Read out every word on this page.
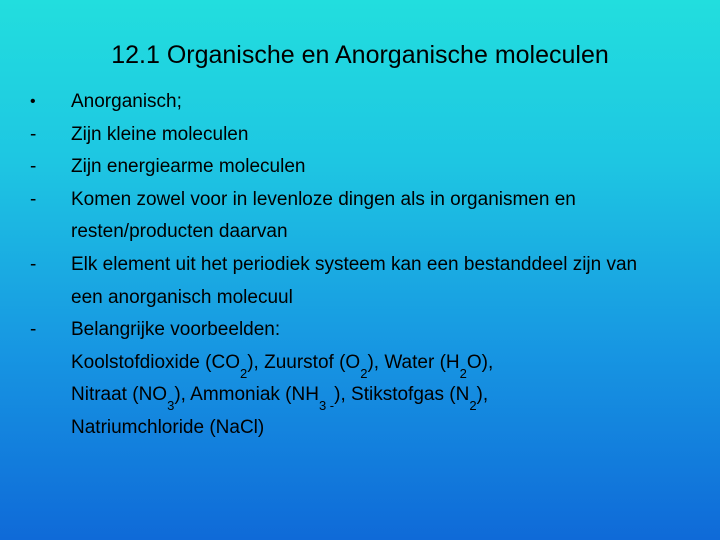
12.1 Organische en Anorganische moleculen
•	Anorganisch;
-	Zijn kleine moleculen
-	Zijn energiearme moleculen
-	Komen zowel voor in levenloze dingen als in organismen en resten/producten daarvan
-	Elk element uit het periodiek systeem kan een bestanddeel zijn van een anorganisch molecuul
-	Belangrijke voorbeelden:
Koolstofdioxide $(CO_2)$, Zuurstof $(O_2)$, Water $(H_2O)$,
Nitraat $(NO_3)$, Ammoniak $(NH_{3 -})$, Stikstofgas $(N_2)$,
Natriumchloride (NaCl)
